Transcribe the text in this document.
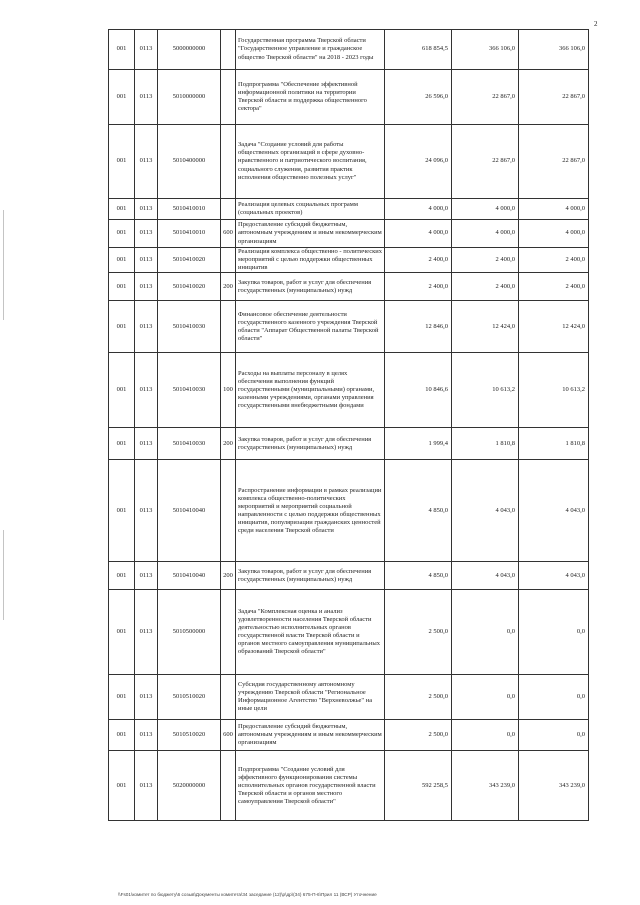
2
001	0113	5000000000		Государственная программа Тверской области "Государственное управление и гражданское общество Тверской области" на 2018 - 2023 годы	618 854,5	366 106,0	366 106,0
001	0113	5010000000		Подпрограмма "Обеспечение эффективной информационной политики на территории Тверской области и поддержка общественного сектора"	26 596,0	22 867,0	22 867,0
001	0113	5010400000		Задача "Создание условий для работы общественных организаций в сфере духовно-нравственного и патриотического воспитания, социального служения, развития практик исполнения общественно полезных услуг"	24 096,0	22 867,0	22 867,0
001	0113	5010410010		Реализация целевых социальных программ (социальных проектов)	4 000,0	4 000,0	4 000,0
001	0113	5010410010	600	Предоставление субсидий бюджетным, автономным учреждениям и иным некоммерческим организациям	4 000,0	4 000,0	4 000,0
001	0113	5010410020		Реализация комплекса общественно - политических мероприятий с целью поддержки общественных инициатив	2 400,0	2 400,0	2 400,0
001	0113	5010410020	200	Закупка товаров, работ и услуг для обеспечения государственных (муниципальных) нужд	2 400,0	2 400,0	2 400,0
001	0113	5010410030		Финансовое обеспечение деятельности государственного казенного учреждения Тверской области "Аппарат Общественной палаты Тверской области"	12 846,0	12 424,0	12 424,0
001	0113	5010410030	100	Расходы на выплаты персоналу в целях обеспечения выполнения функций государственными (муниципальными) органами, казенными учреждениями, органами управления государственными внебюджетными фондами	10 846,6	10 613,2	10 613,2
001	0113	5010410030	200	Закупка товаров, работ и услуг для обеспечения государственных (муниципальных) нужд	1 999,4	1 810,8	1 810,8
001	0113	5010410040		Распространение информации в рамках реализации комплекса общественно-политических мероприятий и мероприятий социальной направленности с целью поддержки общественных инициатив, популяризации гражданских ценностей среди населения Тверской области	4 850,0	4 043,0	4 043,0
001	0113	5010410040	200	Закупка товаров, работ и услуг для обеспечения государственных (муниципальных) нужд	4 850,0	4 043,0	4 043,0
001	0113	5010500000		Задача "Комплексная оценка и анализ удовлетворенности населения Тверской области деятельностью исполнительных органов государственной власти Тверской области и органов местного самоуправления муниципальных образований Тверской области"	2 500,0	0,0	0,0
001	0113	5010510020		Субсидия государственному автономному учреждению Тверской области "Региональное Информационное Агентство "Верхневолжье" на иные цели	2 500,0	0,0	0,0
001	0113	5010510020	600	Предоставление субсидий бюджетным, автономным учреждениям и иным некоммерческим организациям	2 500,0	0,0	0,0
001	0113	5020000000		Подпрограмма "Создание условий для эффективного функционирования системы исполнительных органов государственной власти Тверской области и органов местного самоуправления Тверской области"	592 258,5	343 239,0	343 239,0
\\Fs01\комитет по бюджету\6 созыв\Документы комитета\34 заседание (12)\р\др\(34) 675-П-6\Прил 11 (ВСР) Уточнение
